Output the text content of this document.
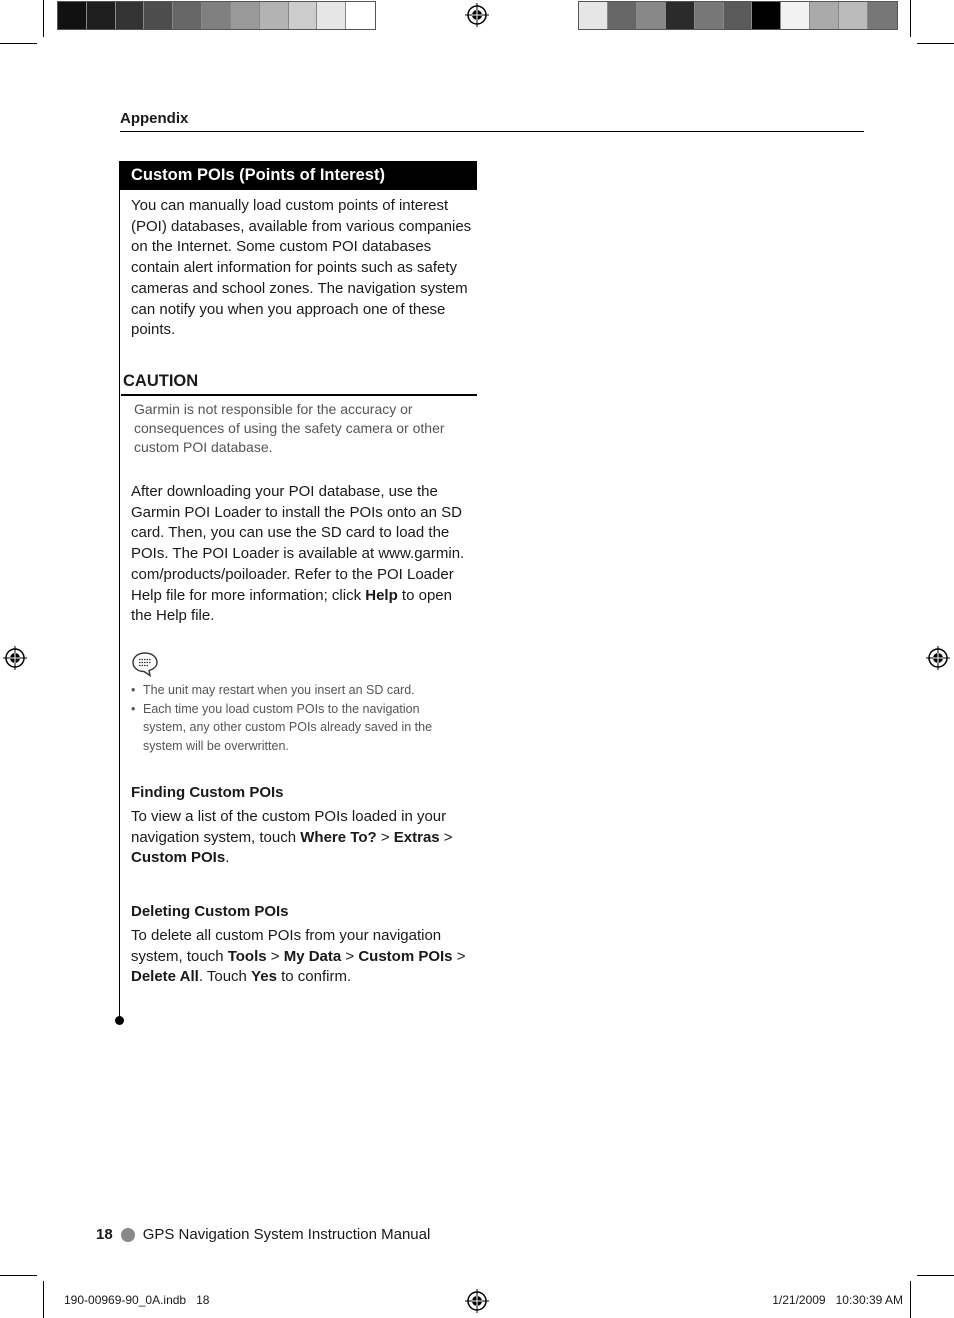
Appendix
Custom POIs (Points of Interest)
You can manually load custom points of interest
(POI) databases, available from various companies
on the Internet. Some custom POI databases
contain alert information for points such as safety
cameras and school zones. The navigation system
can notify you when you approach one of these
points.
CAUTION
Garmin is not responsible for the accuracy or
consequences of using the safety camera or other
custom POI database.
After downloading your POI database, use the
Garmin POI Loader to install the POIs onto an SD
card. Then, you can use the SD card to load the
POIs. The POI Loader is available at www.garmin.
com/products/poiloader. Refer to the POI Loader
Help file for more information; click Help to open
the Help file.
• The unit may restart when you insert an SD card.
• Each time you load custom POIs to the navigation
system, any other custom POIs already saved in the
system will be overwritten.
Finding Custom POIs
To view a list of the custom POIs loaded in your
navigation system, touch Where To? > Extras >
Custom POIs.
Deleting Custom POIs
To delete all custom POIs from your navigation
system, touch Tools > My Data > Custom POIs >
Delete All. Touch Yes to confirm.
18 GPS Navigation System Instruction Manual
190-00969-90_0A.indb   18	1/21/2009   10:30:39 AM
